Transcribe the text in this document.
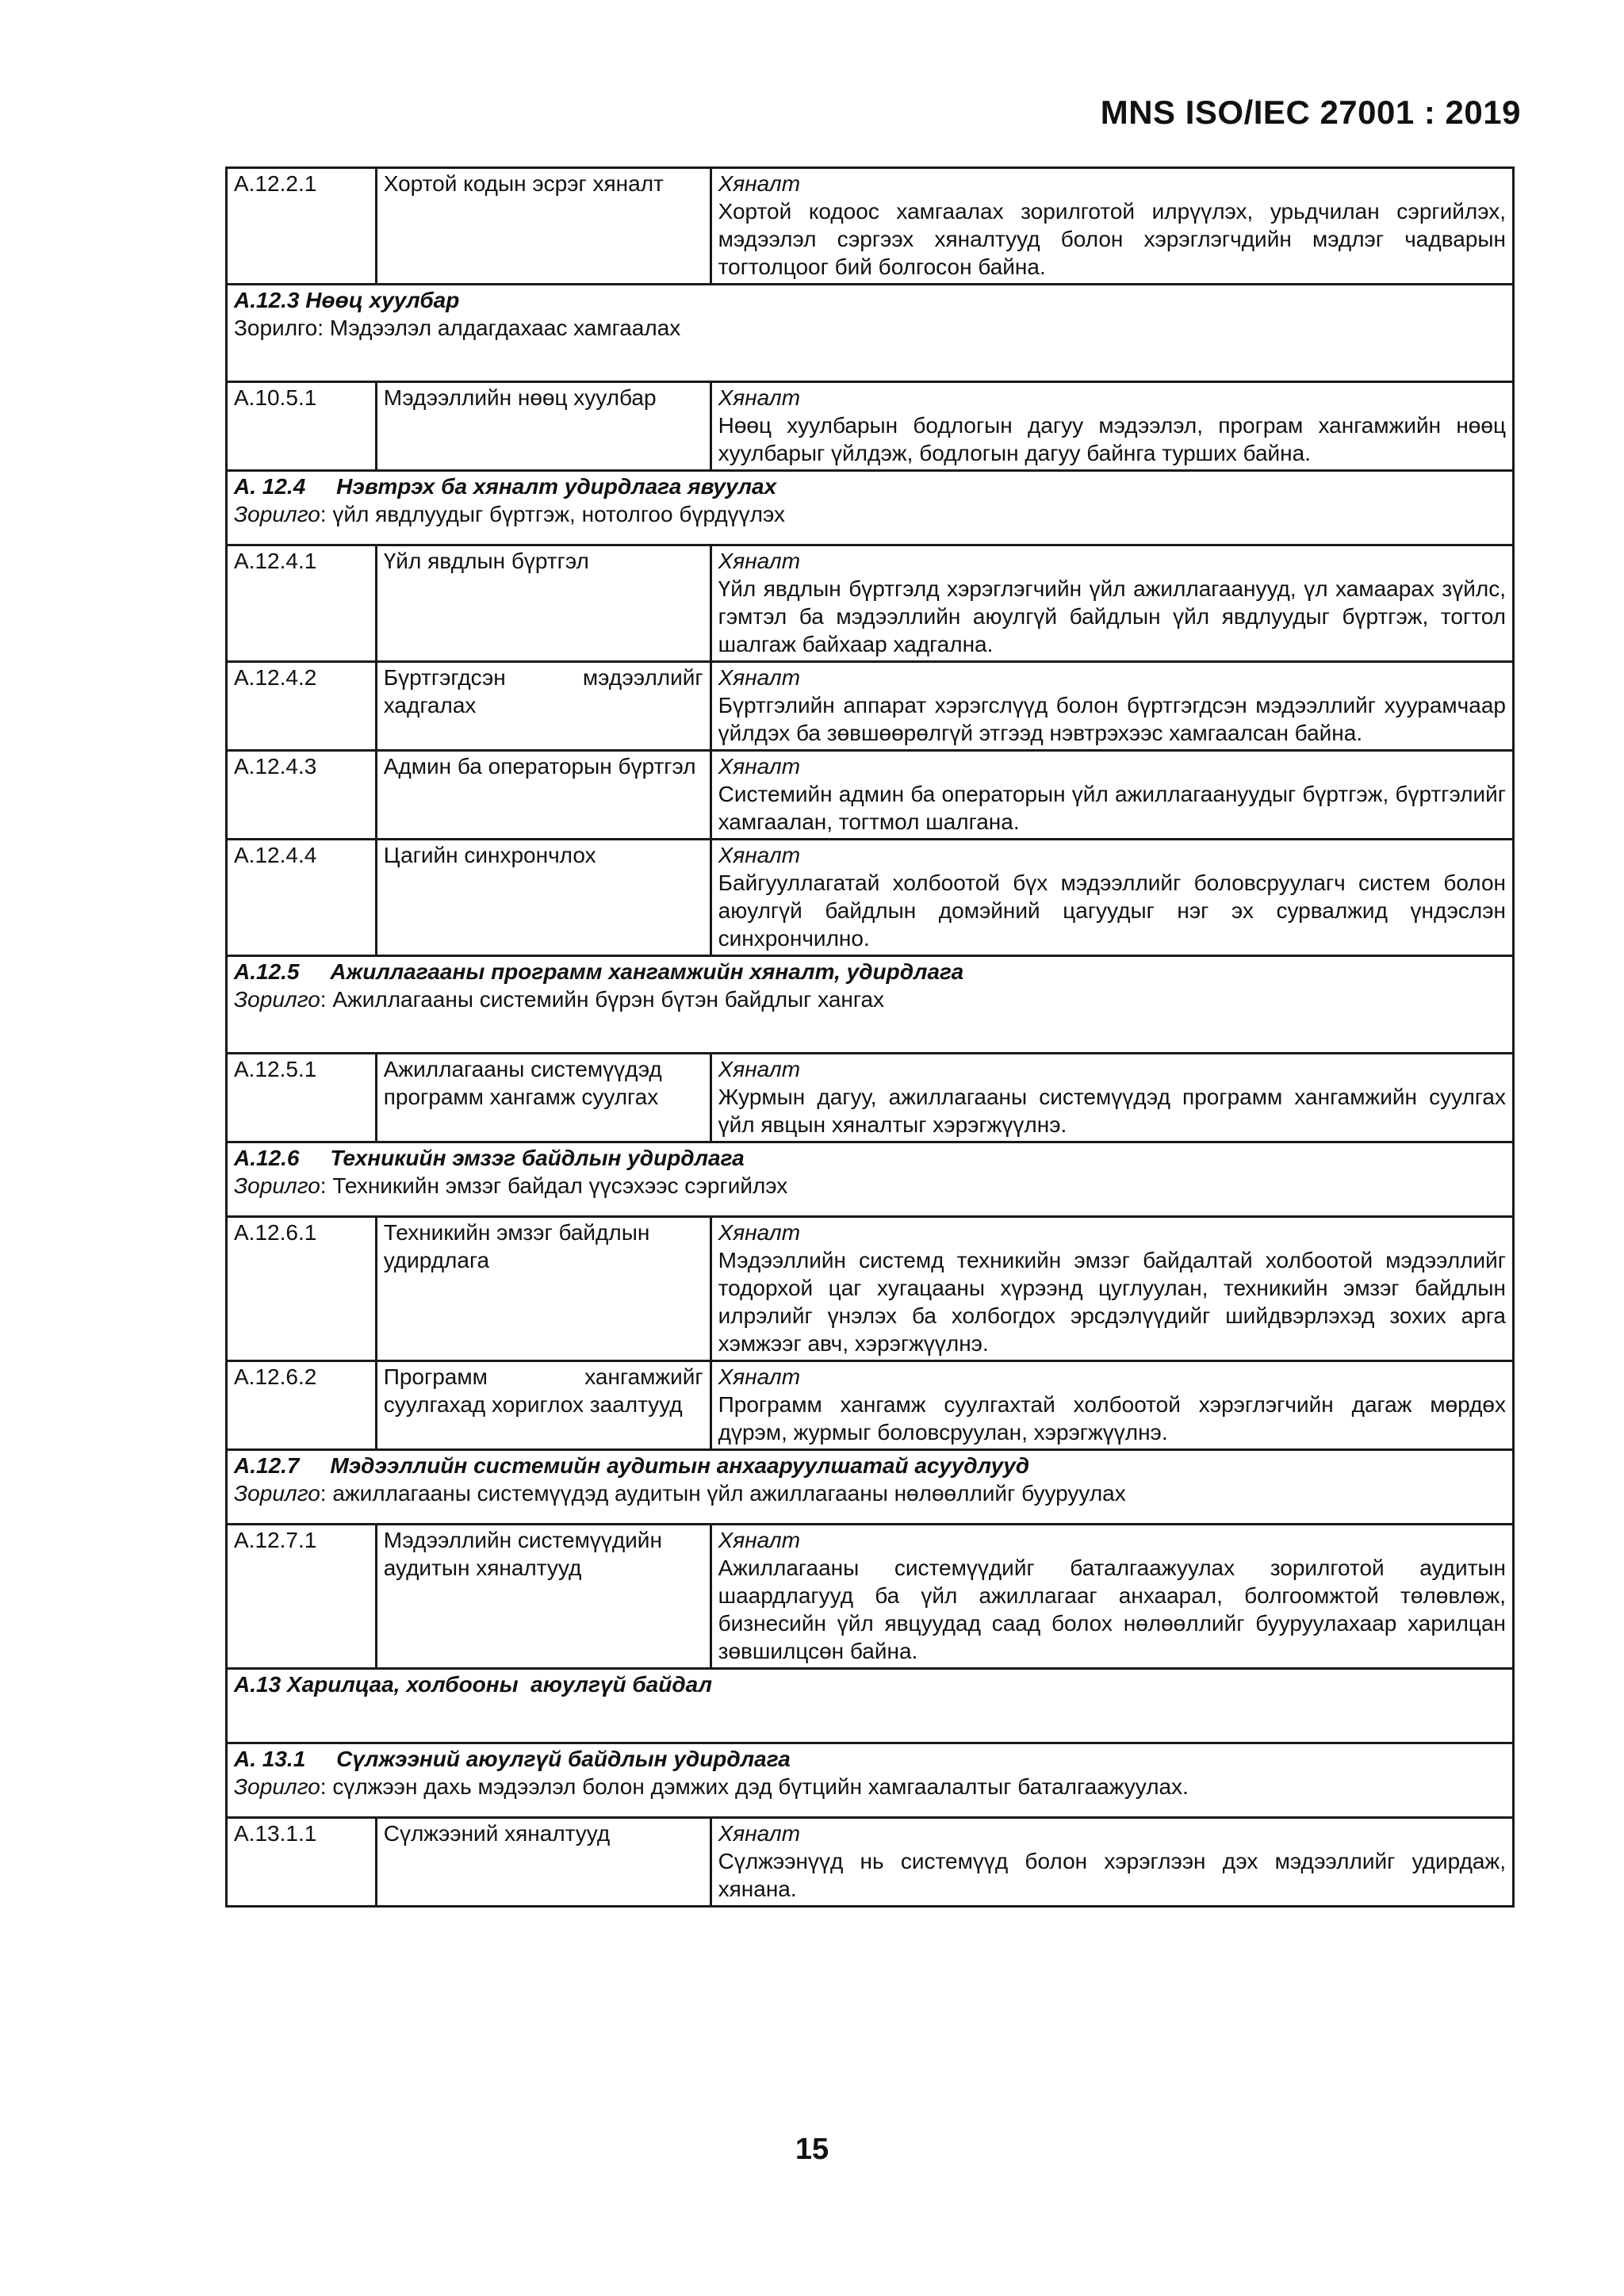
MNS ISO/IEC 27001 : 2019
A.12.2.1	Хортой кодын эсрэг хяналт	Хяналт
Хортой кодоос хамгаалах зорилготой илрүүлэх, урьдчилан сэргийлэх, мэдээлэл сэргээх хяналтууд болон хэрэглэгчдийн мэдлэг чадварын тогтолцоог бий болгосон байна.

A.12.3 Нөөц хуулбар
Зорилго: Мэдээлэл алдагдахаас хамгаалах		

A.10.5.1	Мэдээллийн нөөц хуулбар	Хяналт
Нөөц хуулбарын бодлогын дагуу мэдээлэл, програм хангамжийн нөөц хуулбарыг үйлдэж, бодлогын дагуу байнга турших байна.

A. 12.4     Нэвтрэх ба хяналт удирдлага явуулах
Зорилго: үйл явдлуудыг бүртгэж, нотолгоо бүрдүүлэх		

A.12.4.1	Үйл явдлын бүртгэл	Хяналт
Үйл явдлын бүртгэлд хэрэглэгчийн үйл ажиллагаанууд, үл хамаарах зүйлс, гэмтэл ба мэдээллийн аюулгүй байдлын үйл явдлуудыг бүртгэж, тогтол шалгаж байхаар хадгална.

A.12.4.2	Бүртгэгдсэн мэдээллийг хадгалах	Хяналт
Бүртгэлийн аппарат хэрэгслүүд болон бүртгэгдсэн мэдээллийг хуурамчаар үйлдэх ба зөвшөөрөлгүй этгээд нэвтрэхээс хамгаалсан байна.

A.12.4.3	Админ ба операторын бүртгэл	Хяналт
Системийн админ ба операторын үйл ажиллагаануудыг бүртгэж, бүртгэлийг хамгаалан, тогтмол шалгана.

A.12.4.4	Цагийн синхрончлох	Хяналт
Байгууллагатай холбоотой бүх мэдээллийг боловсруулагч систем болон аюулгүй байдлын домэйний цагуудыг нэг эх сурвалжид үндэслэн синхрончилно.

A.12.5     Ажиллагааны программ хангамжийн хяналт, удирдлага
Зорилго: Ажиллагааны системийн бүрэн бүтэн байдлыг хангах		

A.12.5.1	Ажиллагааны системүүдэд программ хангамж суулгах	Хяналт
Журмын дагуу, ажиллагааны системүүдэд программ хангамжийн суулгах үйл явцын хяналтыг хэрэгжүүлнэ.

A.12.6     Техникийн эмзэг байдлын удирдлага
Зорилго: Техникийн эмзэг байдал үүсэхээс сэргийлэх		

A.12.6.1	Техникийн эмзэг байдлын удирдлага	Хяналт
Мэдээллийн системд техникийн эмзэг байдалтай холбоотой мэдээллийг тодорхой цаг хугацааны хүрээнд цуглуулан, техникийн эмзэг байдлын илрэлийг үнэлэх ба холбогдох эрсдэлүүдийг шийдвэрлэхэд зохих арга хэмжээг авч, хэрэгжүүлнэ.

A.12.6.2	Программ хангамжийг суулгахад хориглох заалтууд	Хяналт
Программ хангамж суулгахтай холбоотой хэрэглэгчийн дагаж мөрдөх дүрэм, журмыг боловсруулан, хэрэгжүүлнэ.

A.12.7     Мэдээллийн системийн аудитын анхааруулшатай асуудлууд
Зорилго: ажиллагааны системүүдэд аудитын үйл ажиллагааны нөлөөллийг бууруулах		

A.12.7.1	Мэдээллийн системүүдийн аудитын хяналтууд	Хяналт
Ажиллагааны системүүдийг баталгаажуулах зорилготой аудитын шаардлагууд ба үйл ажиллагааг анхаарал, болгоомжтой төлөвлөж, бизнесийн үйл явцуудад саад болох нөлөөллийг бууруулахаар харилцан зөвшилцсөн байна.

A.13 Харилцаа, холбооны  аюулгүй байдал		

A. 13.1     Сүлжээний аюулгүй байдлын удирдлага
Зорилго: сүлжээн дахь мэдээлэл болон дэмжих дэд бүтцийн хамгаалалтыг баталгаажуулах.		

A.13.1.1	Сүлжээний хяналтууд	Хяналт
Сүлжээнүүд нь системүүд болон хэрэглээн дэх мэдээллийг удирдаж, хянана.
15
